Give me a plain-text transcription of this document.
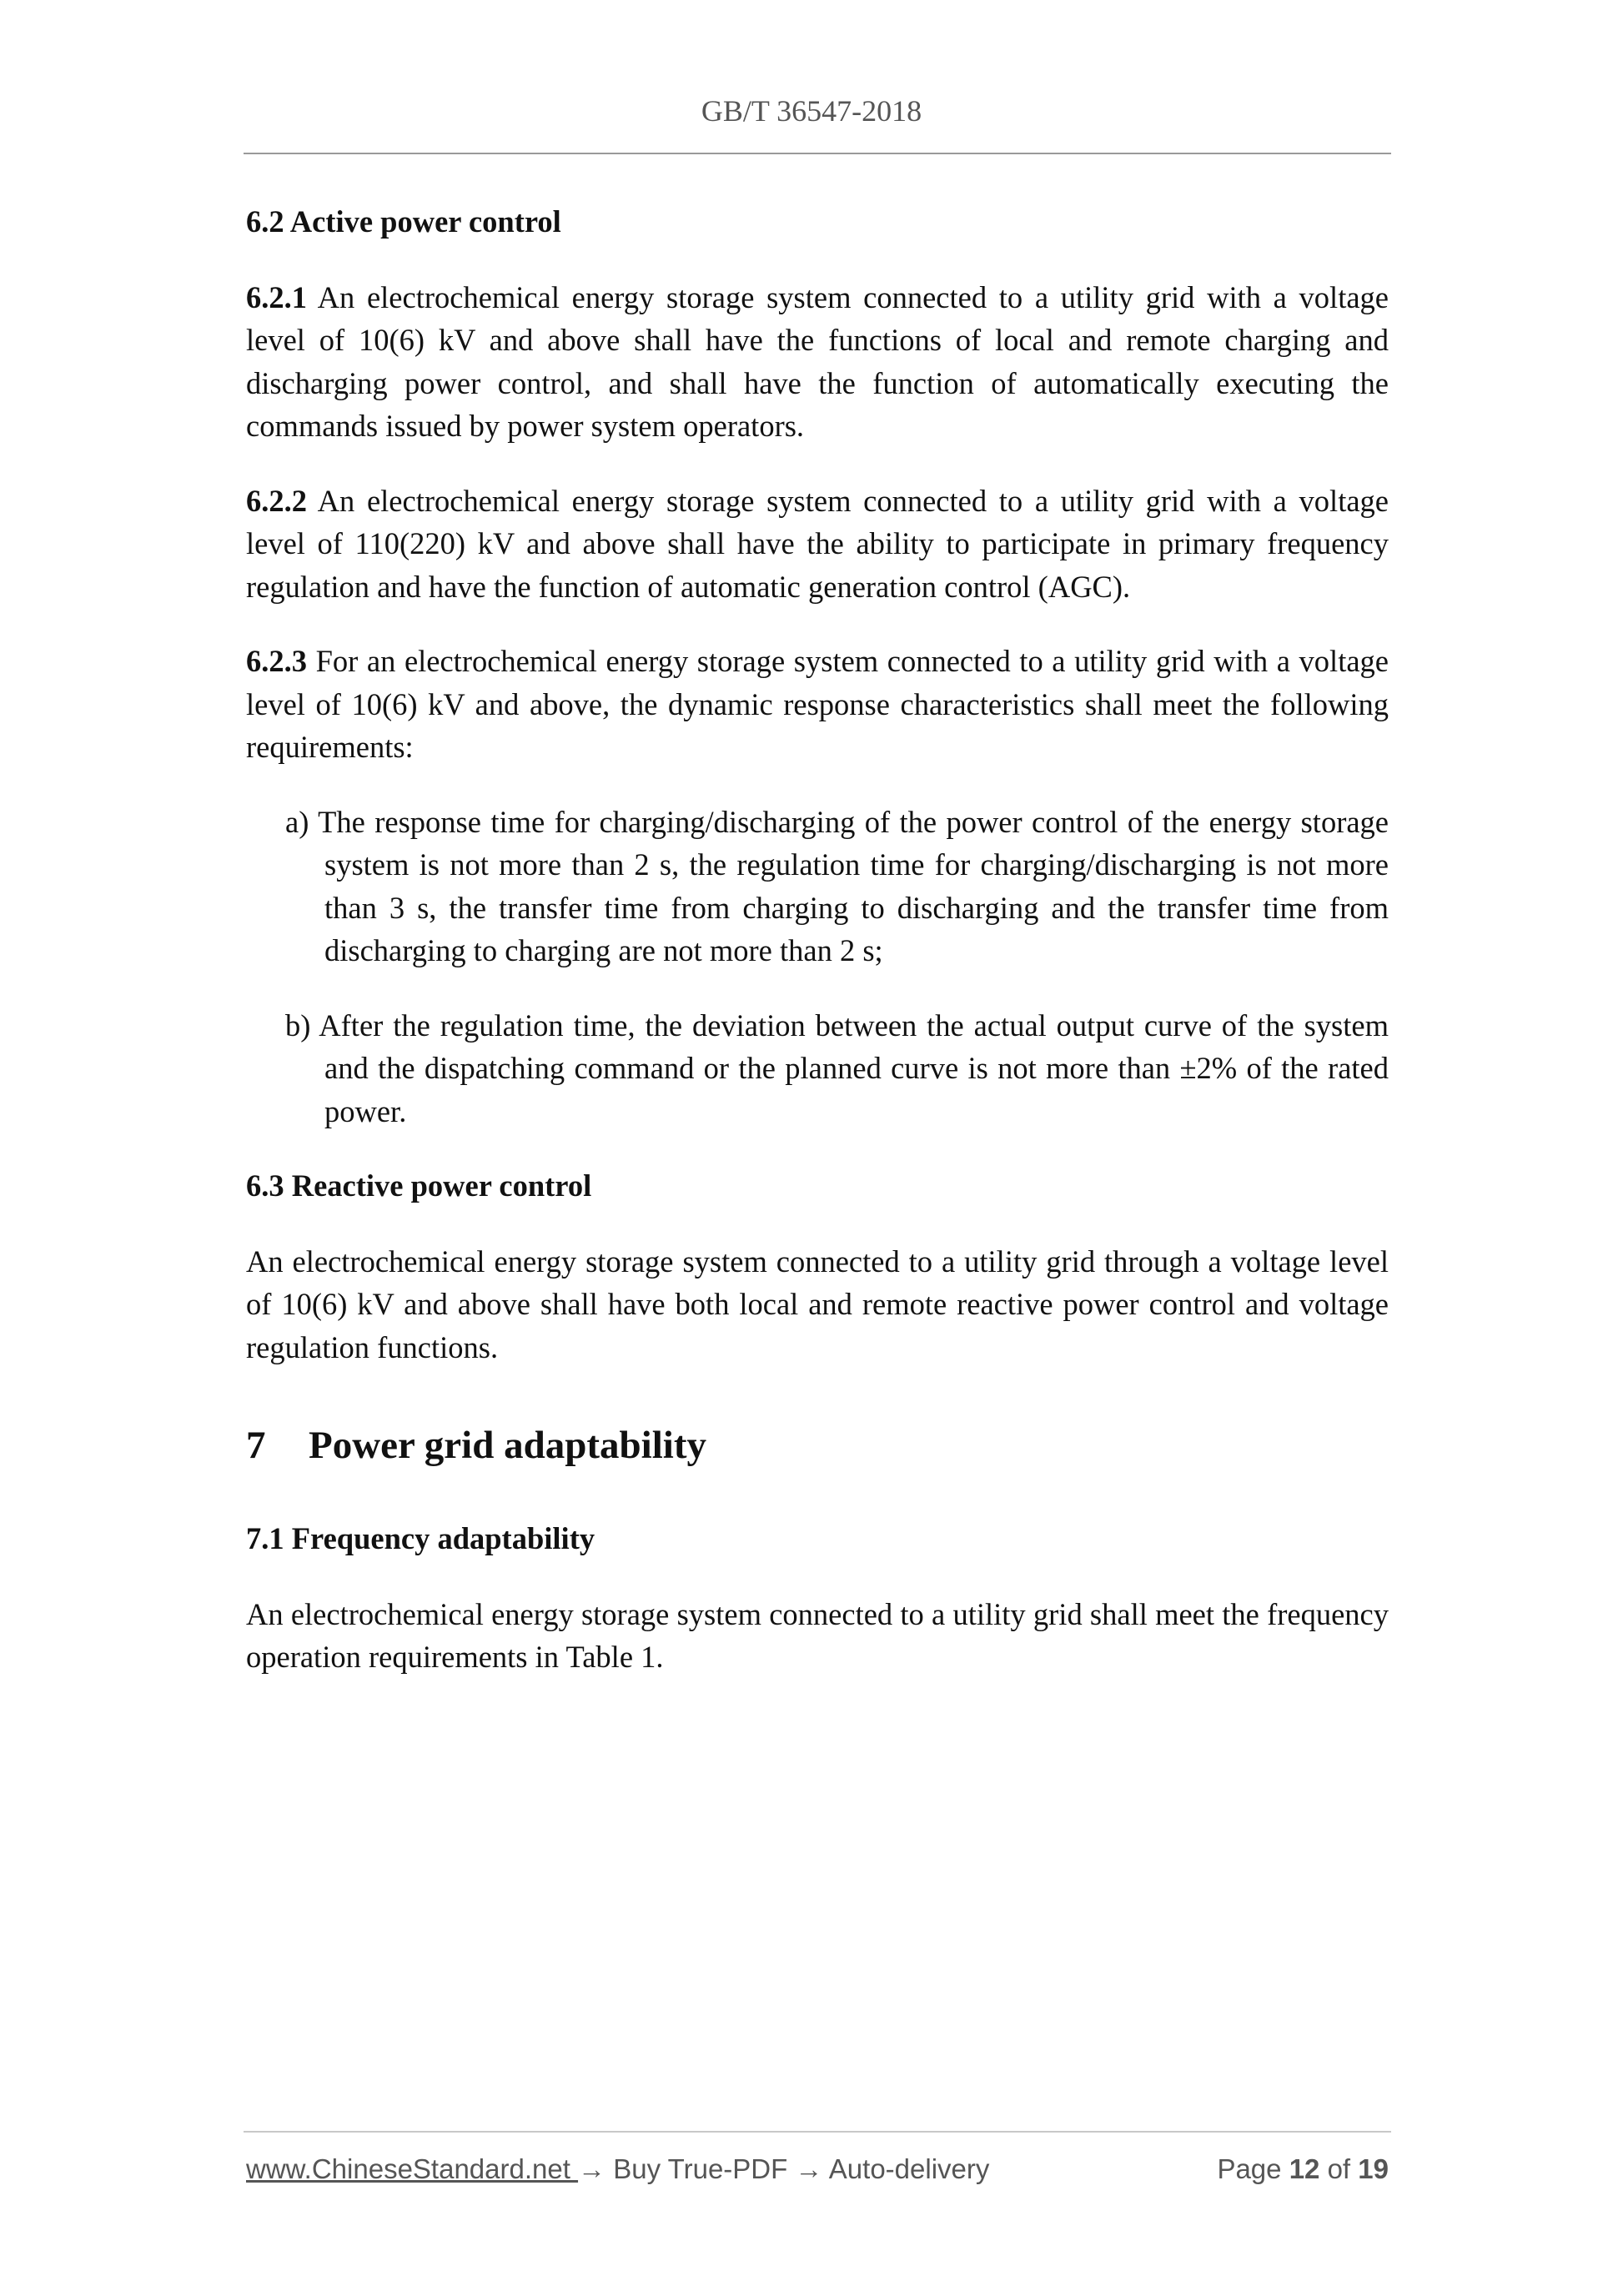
GB/T 36547-2018
6.2 Active power control

6.2.1 An electrochemical energy storage system connected to a utility grid with a voltage level of 10(6) kV and above shall have the functions of local and remote charging and discharging power control, and shall have the function of automatically executing the commands issued by power system operators.

6.2.2 An electrochemical energy storage system connected to a utility grid with a voltage level of 110(220) kV and above shall have the ability to participate in primary frequency regulation and have the function of automatic generation control (AGC).

6.2.3 For an electrochemical energy storage system connected to a utility grid with a voltage level of 10(6) kV and above, the dynamic response characteristics shall meet the following requirements:

a) The response time for charging/discharging of the power control of the energy storage system is not more than 2 s, the regulation time for charging/discharging is not more than 3 s, the transfer time from charging to discharging and the transfer time from discharging to charging are not more than 2 s;

b) After the regulation time, the deviation between the actual output curve of the system and the dispatching command or the planned curve is not more than ±2% of the rated power.

6.3 Reactive power control

An electrochemical energy storage system connected to a utility grid through a voltage level of 10(6) kV and above shall have both local and remote reactive power control and voltage regulation functions.

7 Power grid adaptability
7.1 Frequency adaptability

An electrochemical energy storage system connected to a utility grid shall meet the frequency operation requirements in Table 1.

www.ChineseStandard.net → Buy True-PDF → Auto-delivery	Page 12 of 19
